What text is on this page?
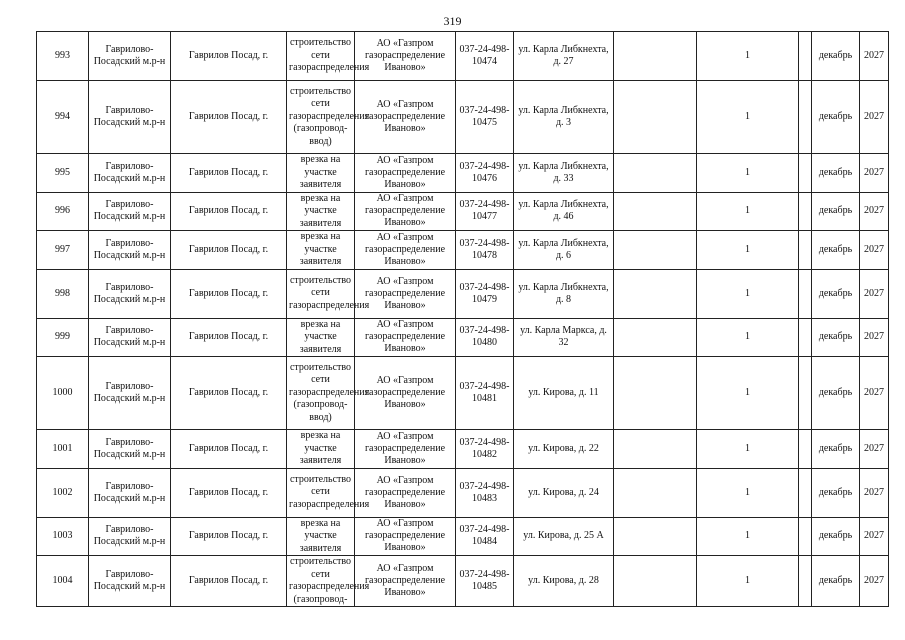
319
993	Гаврилово-Посадский м.р-н	Гаврилов Посад, г.	строительство сети газораспределения	АО «Газпром газораспределение Иваново»	037-24-498-10474	ул. Карла Либкнехта, д. 27		1		декабрь	2027
994	Гаврилово-Посадский м.р-н	Гаврилов Посад, г.	строительство сети газораспределения (газопровод-ввод)	АО «Газпром газораспределение Иваново»	037-24-498-10475	ул. Карла Либкнехта, д. 3		1		декабрь	2027
995	Гаврилово-Посадский м.р-н	Гаврилов Посад, г.	врезка на участке заявителя	АО «Газпром газораспределение Иваново»	037-24-498-10476	ул. Карла Либкнехта, д. 33		1		декабрь	2027
996	Гаврилово-Посадский м.р-н	Гаврилов Посад, г.	врезка на участке заявителя	АО «Газпром газораспределение Иваново»	037-24-498-10477	ул. Карла Либкнехта, д. 46		1		декабрь	2027
997	Гаврилово-Посадский м.р-н	Гаврилов Посад, г.	врезка на участке заявителя	АО «Газпром газораспределение Иваново»	037-24-498-10478	ул. Карла Либкнехта, д. 6		1		декабрь	2027
998	Гаврилово-Посадский м.р-н	Гаврилов Посад, г.	строительство сети газораспределения	АО «Газпром газораспределение Иваново»	037-24-498-10479	ул. Карла Либкнехта, д. 8		1		декабрь	2027
999	Гаврилово-Посадский м.р-н	Гаврилов Посад, г.	врезка на участке заявителя	АО «Газпром газораспределение Иваново»	037-24-498-10480	ул. Карла Маркса, д. 32		1		декабрь	2027
1000	Гаврилово-Посадский м.р-н	Гаврилов Посад, г.	строительство сети газораспределения (газопровод-ввод)	АО «Газпром газораспределение Иваново»	037-24-498-10481	ул. Кирова, д. 11		1		декабрь	2027
1001	Гаврилово-Посадский м.р-н	Гаврилов Посад, г.	врезка на участке заявителя	АО «Газпром газораспределение Иваново»	037-24-498-10482	ул. Кирова, д. 22		1		декабрь	2027
1002	Гаврилово-Посадский м.р-н	Гаврилов Посад, г.	строительство сети газораспределения	АО «Газпром газораспределение Иваново»	037-24-498-10483	ул. Кирова, д. 24		1		декабрь	2027
1003	Гаврилово-Посадский м.р-н	Гаврилов Посад, г.	врезка на участке заявителя	АО «Газпром газораспределение Иваново»	037-24-498-10484	ул. Кирова, д. 25 А		1		декабрь	2027
1004	Гаврилово-Посадский м.р-н	Гаврилов Посад, г.	строительство сети газораспределения (газопровод-	АО «Газпром газораспределение Иваново»	037-24-498-10485	ул. Кирова, д. 28		1		декабрь	2027
